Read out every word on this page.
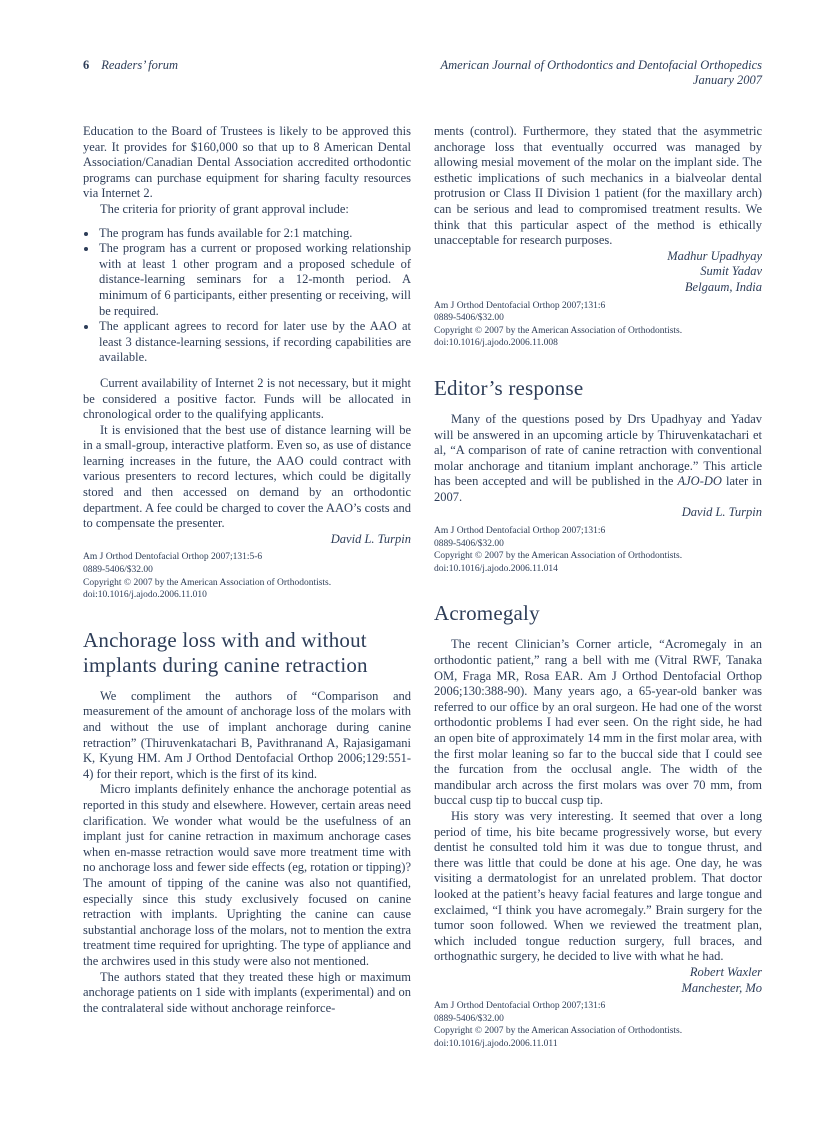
6 Readers’ forum	American Journal of Orthodontics and Dentofacial Orthopedics
January 2007

Education to the Board of Trustees is likely to be approved this year. It provides for $160,000 so that up to 8 American Dental Association/Canadian Dental Association accredited orthodontic programs can purchase equipment for sharing faculty resources via Internet 2.

The criteria for priority of grant approval include:

• The program has funds available for 2:1 matching.
• The program has a current or proposed working relationship with at least 1 other program and a proposed schedule of distance-learning seminars for a 12-month period. A minimum of 6 participants, either presenting or receiving, will be required.
• The applicant agrees to record for later use by the AAO at least 3 distance-learning sessions, if recording capabilities are available.

Current availability of Internet 2 is not necessary, but it might be considered a positive factor. Funds will be allocated in chronological order to the qualifying applicants.

It is envisioned that the best use of distance learning will be in a small-group, interactive platform. Even so, as use of distance learning increases in the future, the AAO could contract with various presenters to record lectures, which could be digitally stored and then accessed on demand by an orthodontic department. A fee could be charged to cover the AAO’s costs and to compensate the presenter.

David L. Turpin
Am J Orthod Dentofacial Orthop 2007;131:5-6
0889-5406/$32.00
Copyright © 2007 by the American Association of Orthodontists.
doi:10.1016/j.ajodo.2006.11.010
Anchorage loss with and without implants during canine retraction

We compliment the authors of “Comparison and measurement of the amount of anchorage loss of the molars with and without the use of implant anchorage during canine retraction” (Thiruvenkatachari B, Pavithranand A, Rajasigamani K, Kyung HM. Am J Orthod Dentofacial Orthop 2006;129:551-4) for their report, which is the first of its kind.

Micro implants definitely enhance the anchorage potential as reported in this study and elsewhere. However, certain areas need clarification. We wonder what would be the usefulness of an implant just for canine retraction in maximum anchorage cases when en-masse retraction would save more treatment time with no anchorage loss and fewer side effects (eg, rotation or tipping)? The amount of tipping of the canine was also not quantified, especially since this study exclusively focused on canine retraction with implants. Uprighting the canine can cause substantial anchorage loss of the molars, not to mention the extra treatment time required for uprighting. The type of appliance and the archwires used in this study were also not mentioned.

The authors stated that they treated these high or maximum anchorage patients on 1 side with implants (experimental) and on the contralateral side without anchorage reinforce-

ments (control). Furthermore, they stated that the asymmetric anchorage loss that eventually occurred was managed by allowing mesial movement of the molar on the implant side. The esthetic implications of such mechanics in a bialveolar dental protrusion or Class II Division 1 patient (for the maxillary arch) can be serious and lead to compromised treatment results. We think that this particular aspect of the method is ethically unacceptable for research purposes.

Madhur Upadhyay
Sumit Yadav
Belgaum, India
Am J Orthod Dentofacial Orthop 2007;131:6
0889-5406/$32.00
Copyright © 2007 by the American Association of Orthodontists.
doi:10.1016/j.ajodo.2006.11.008
Editor’s response

Many of the questions posed by Drs Upadhyay and Yadav will be answered in an upcoming article by Thiruvenkatachari et al, “A comparison of rate of canine retraction with conventional molar anchorage and titanium implant anchorage.” This article has been accepted and will be published in the AJO-DO later in 2007.

David L. Turpin
Am J Orthod Dentofacial Orthop 2007;131:6
0889-5406/$32.00
Copyright © 2007 by the American Association of Orthodontists.
doi:10.1016/j.ajodo.2006.11.014
Acromegaly

The recent Clinician’s Corner article, “Acromegaly in an orthodontic patient,” rang a bell with me (Vitral RWF, Tanaka OM, Fraga MR, Rosa EAR. Am J Orthod Dentofacial Orthop 2006;130:388-90). Many years ago, a 65-year-old banker was referred to our office by an oral surgeon. He had one of the worst orthodontic problems I had ever seen. On the right side, he had an open bite of approximately 14 mm in the first molar area, with the first molar leaning so far to the buccal side that I could see the furcation from the occlusal angle. The width of the mandibular arch across the first molars was over 70 mm, from buccal cusp tip to buccal cusp tip.

His story was very interesting. It seemed that over a long period of time, his bite became progressively worse, but every dentist he consulted told him it was due to tongue thrust, and there was little that could be done at his age. One day, he was visiting a dermatologist for an unrelated problem. That doctor looked at the patient’s heavy facial features and large tongue and exclaimed, “I think you have acromegaly.” Brain surgery for the tumor soon followed. When we reviewed the treatment plan, which included tongue reduction surgery, full braces, and orthognathic surgery, he decided to live with what he had.

Robert Waxler
Manchester, Mo
Am J Orthod Dentofacial Orthop 2007;131:6
0889-5406/$32.00
Copyright © 2007 by the American Association of Orthodontists.
doi:10.1016/j.ajodo.2006.11.011
